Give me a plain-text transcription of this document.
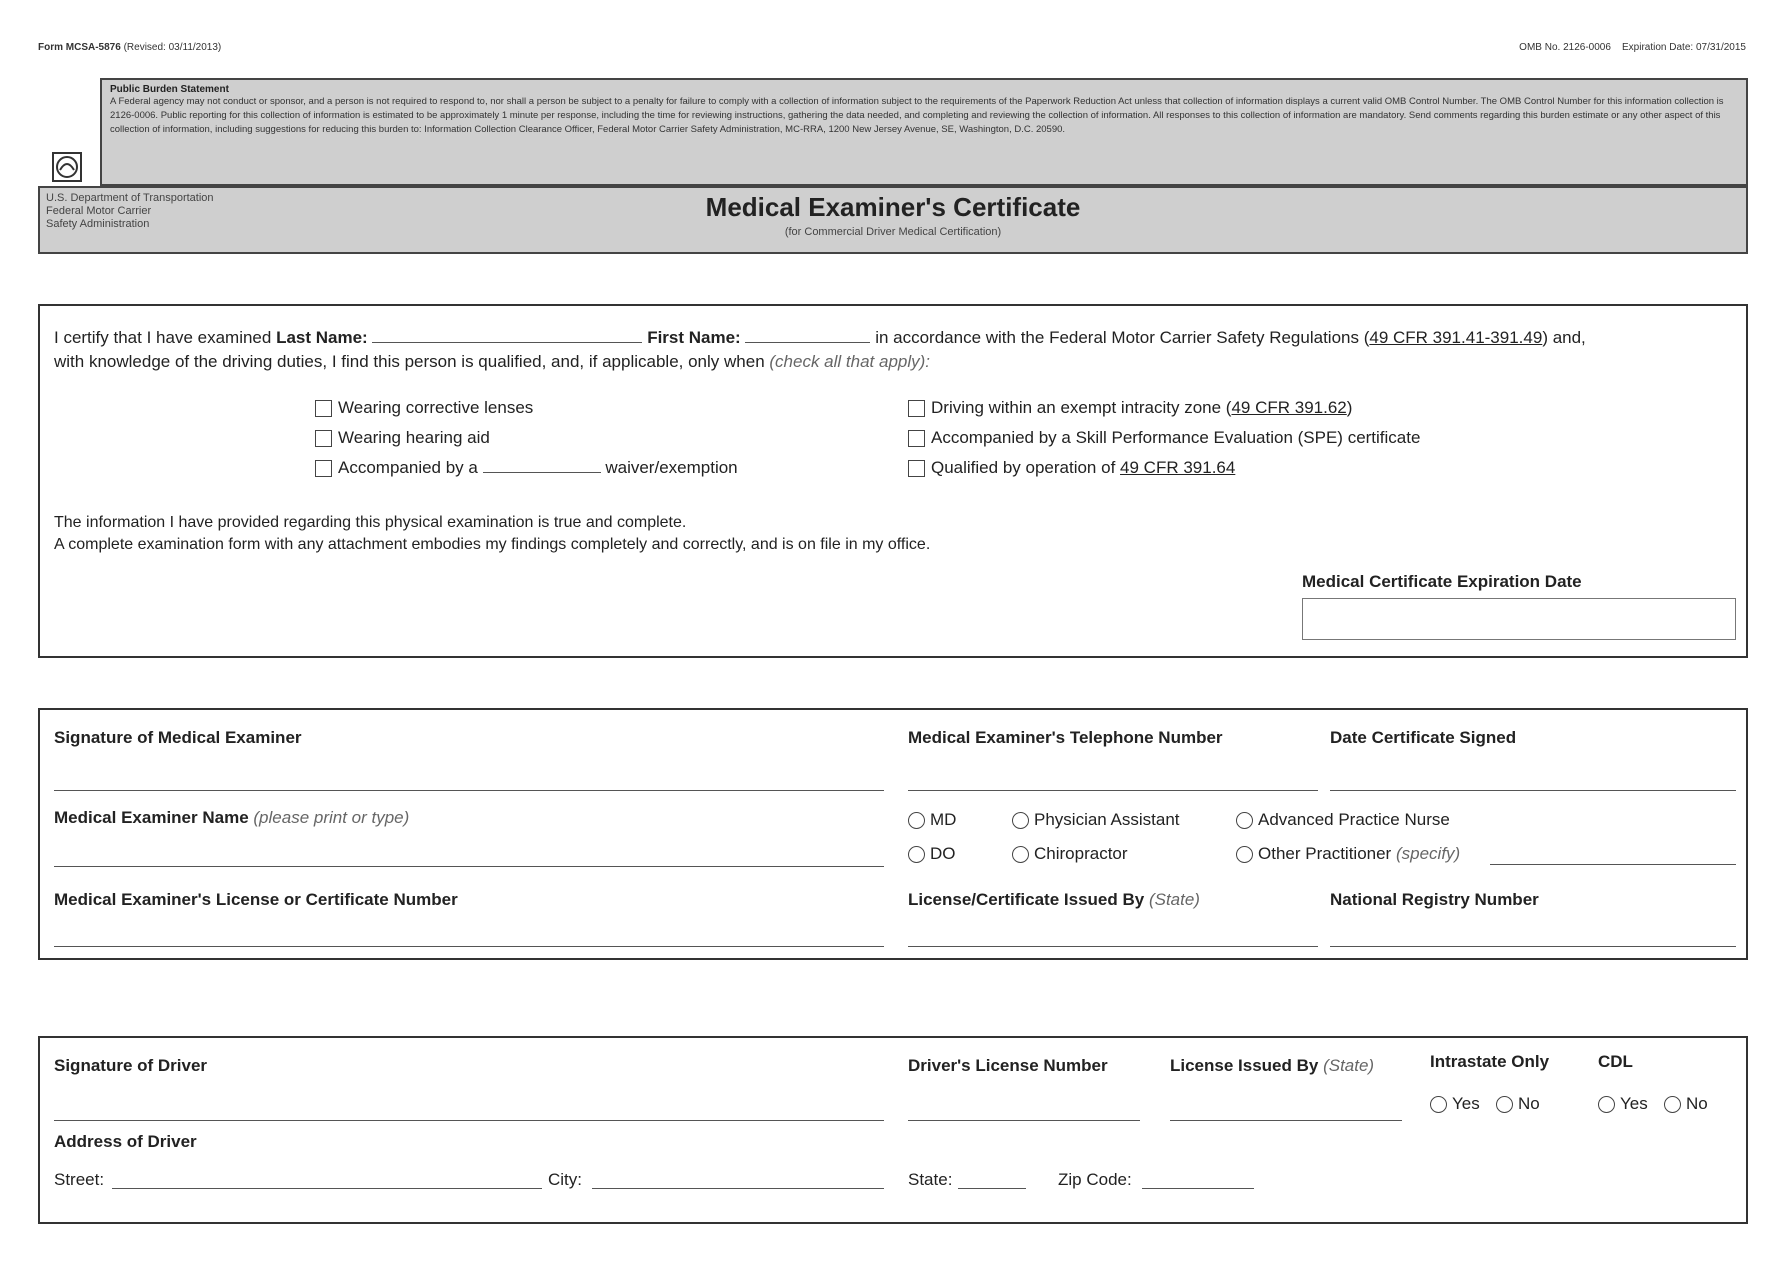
Form MCSA-5876 (Revised: 03/11/2013)	OMB No. 2126-0006 Expiration Date: 07/31/2015
Public Burden Statement
A Federal agency may not conduct or sponsor, and a person is not required to respond to, nor shall a person be subject to a penalty for failure to comply with a collection of information subject to the requirements of the Paperwork Reduction Act unless that collection of information displays a current valid OMB Control Number. The OMB Control Number for this information collection is 2126-0006. Public reporting for this collection of information is estimated to be approximately 1 minute per response, including the time for reviewing instructions, gathering the data needed, and completing and reviewing the collection of information. All responses to this collection of information are mandatory. Send comments regarding this burden estimate or any other aspect of this collection of information, including suggestions for reducing this burden to: Information Collection Clearance Officer, Federal Motor Carrier Safety Administration, MC-RRA, 1200 New Jersey Avenue, SE, Washington, D.C. 20590.
U.S. Department of Transportation
Federal Motor Carrier
Safety Administration
Medical Examiner's Certificate
(for Commercial Driver Medical Certification)
I certify that I have examined Last Name:	First Name:	in accordance with the Federal Motor Carrier Safety Regulations (49 CFR 391.41-391.49) and,
with knowledge of the driving duties, I find this person is qualified, and, if applicable, only when (check all that apply):
Wearing corrective lenses
Wearing hearing aid
Accompanied by a	waiver/exemption
Driving within an exempt intracity zone (49 CFR 391.62)
Accompanied by a Skill Performance Evaluation (SPE) certificate
Qualified by operation of 49 CFR 391.64
The information I have provided regarding this physical examination is true and complete.
A complete examination form with any attachment embodies my findings completely and correctly, and is on file in my office.
Medical Certificate Expiration Date
Signature of Medical Examiner	Medical Examiner's Telephone Number	Date Certificate Signed
Medical Examiner Name (please print or type)	MD	Physician Assistant	Advanced Practice Nurse
DO	Chiropractor	Other Practitioner (specify)
Medical Examiner's License or Certificate Number	License/Certificate Issued By (State)	National Registry Number
Signature of Driver	Driver's License Number	License Issued By (State)	Intrastate Only	CDL
Yes	No	Yes	No
Address of Driver
Street:	City:	State:	Zip Code:
